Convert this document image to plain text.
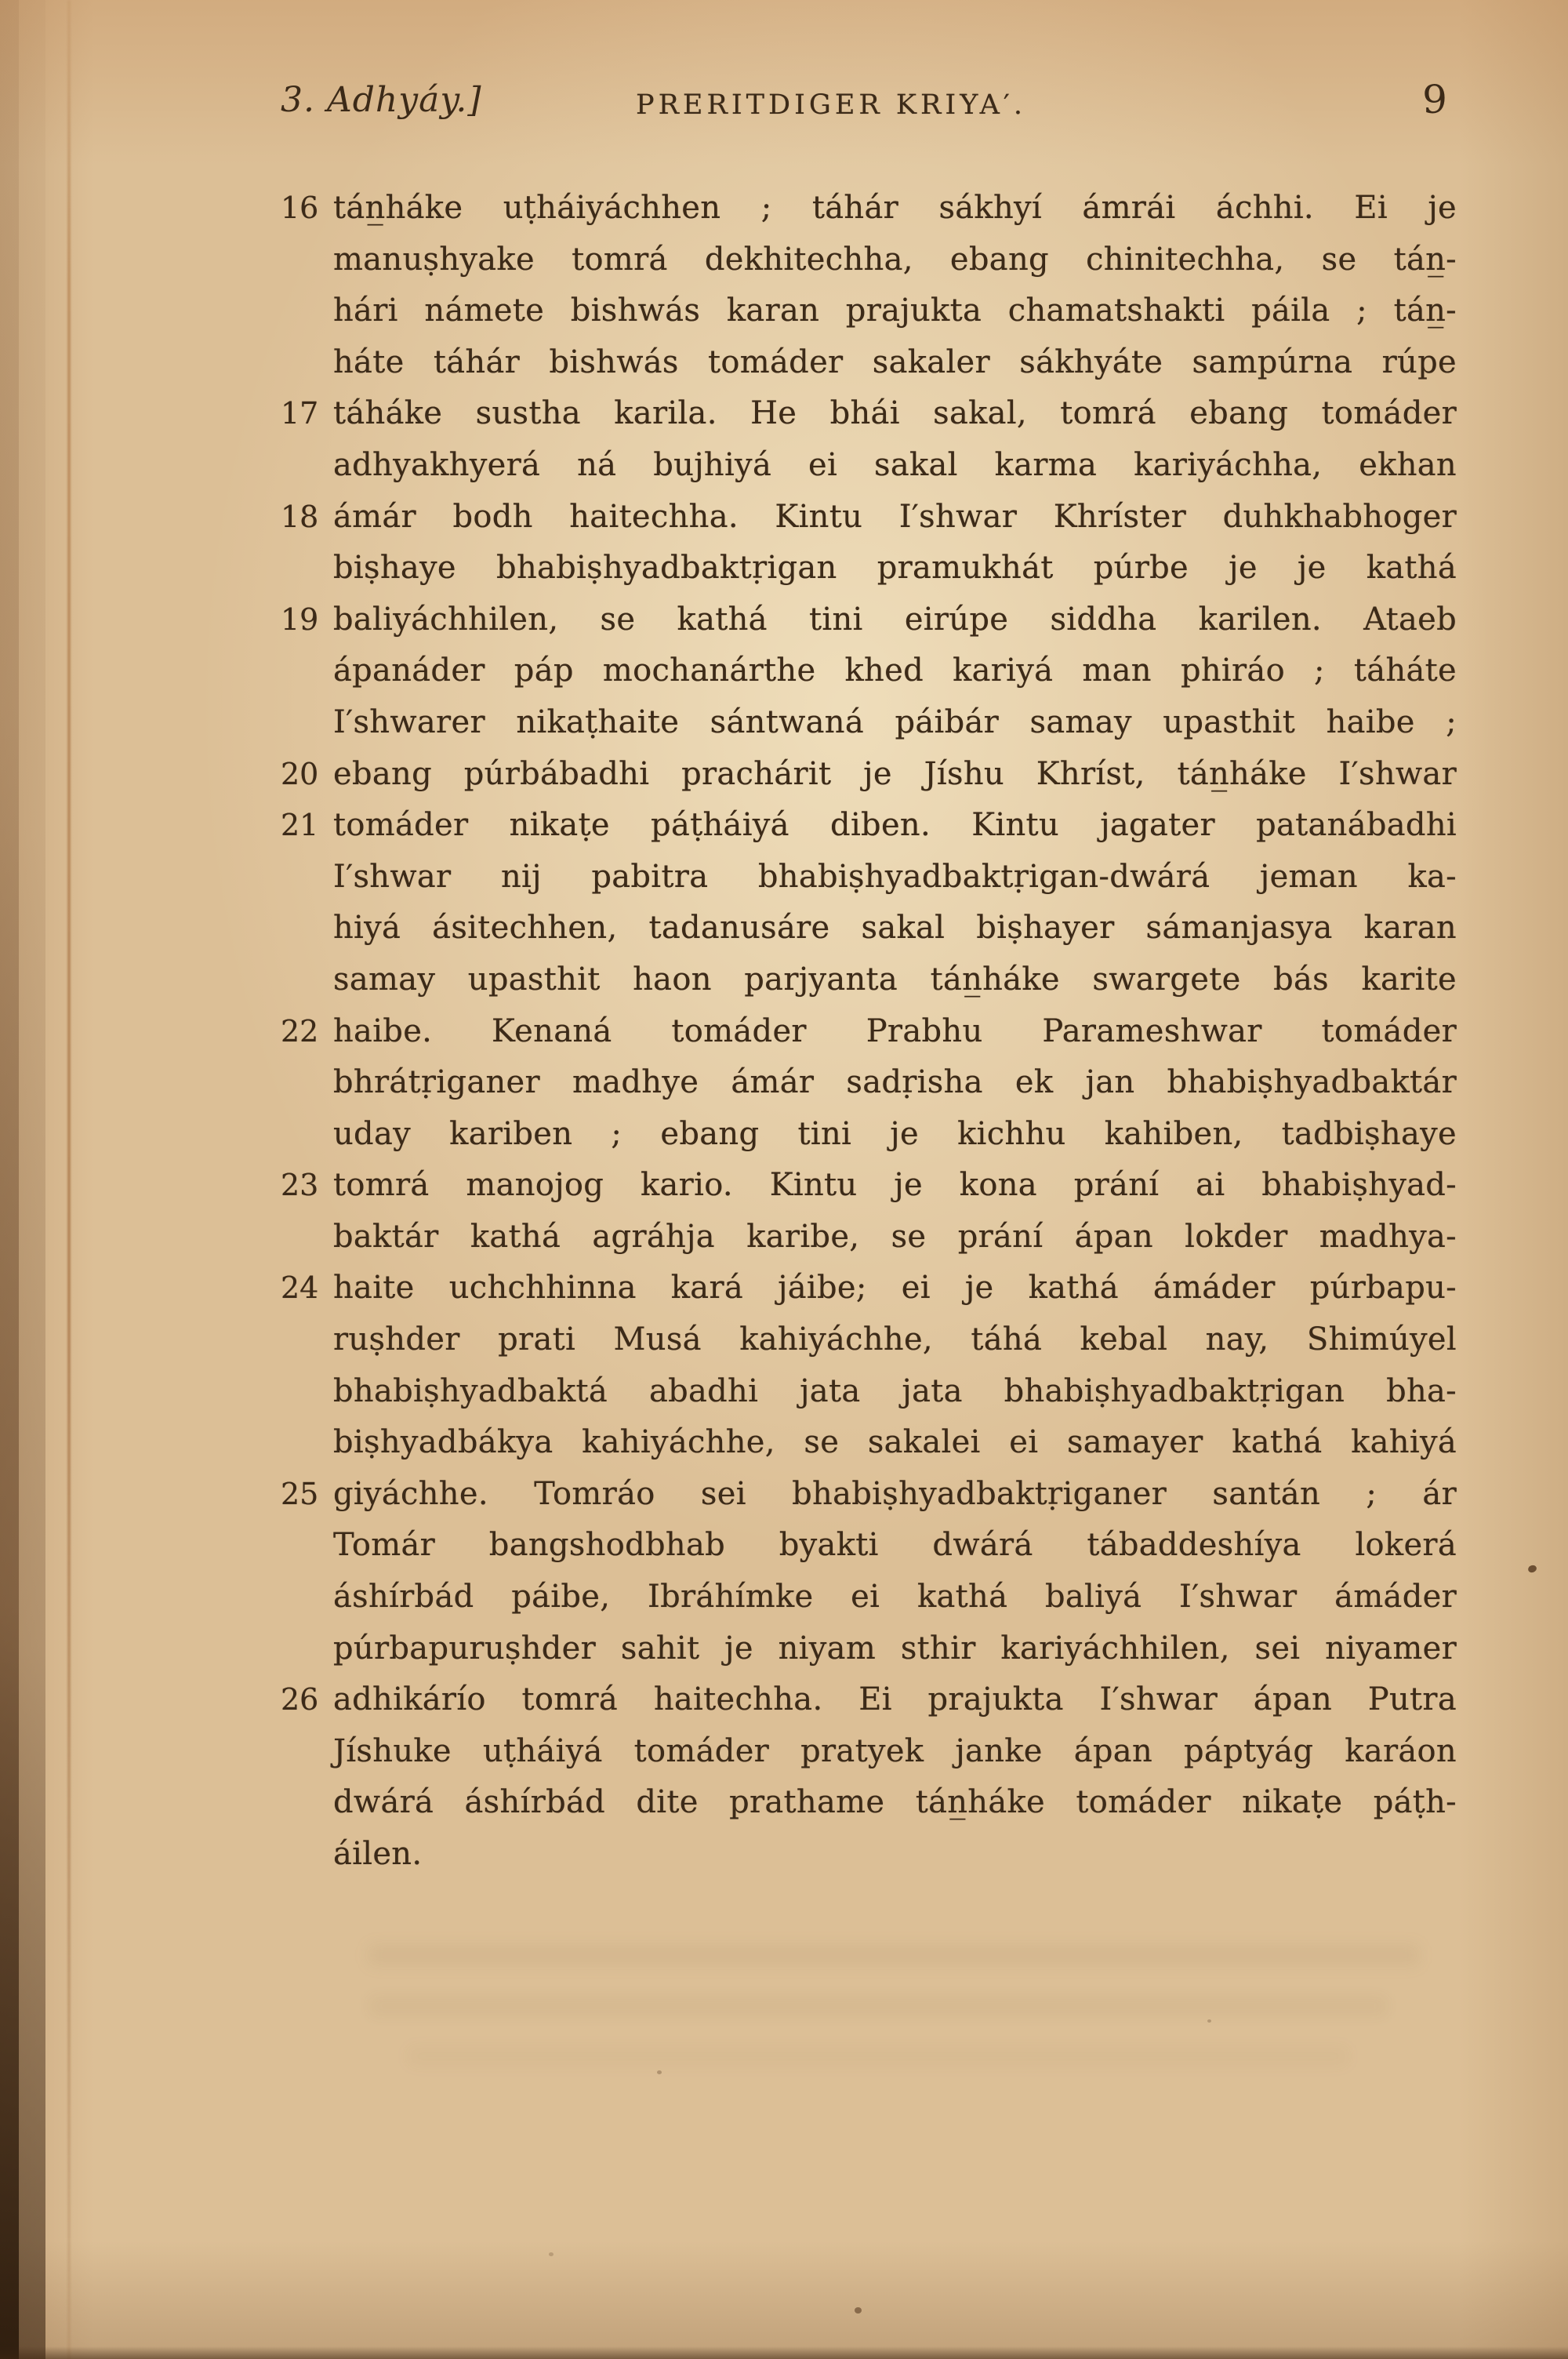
3. Adhyáy.]	PRERITDIGER KRIYA′.	9
16 tán̲háke uṭháiyáchhen ; táhár sákhyí ámrái áchhi. Ei je
manuṣhyake tomrá dekhitechha, ebang chinitechha, se tán̲-
hári námete bishwás karan prajukta chamatshakti páila ; tán̲-
háte táhár bishwás tomáder sakaler sákhyáte sampúrna rúpe
17 táháke sustha karila. He bhái sakal, tomrá ebang tomáder
adhyakhyerá ná bujhiyá ei sakal karma kariyáchha, ekhan
18 ámár bodh haitechha. Kintu I′shwar Khríster duhkhabhoger
biṣhaye bhabiṣhyadbaktṛigan pramukhát púrbe je je kathá
19 baliyáchhilen, se kathá tini eirúpe siddha karilen. Ataeb
ápanáder páp mochanárthe khed kariyá man phiráo ; táháte
I′shwarer nikaṭhaite sántwaná páibár samay upasthit haibe ;
20 ebang púrbábadhi prachárit je Jíshu Khríst, tán̲háke I′shwar
21 tomáder nikaṭe páṭháiyá diben. Kintu jagater patanábadhi
I′shwar nij pabitra bhabiṣhyadbaktṛigan-dwárá jeman ka-
hiyá ásitechhen, tadanusáre sakal biṣhayer sámanjasya karan
samay upasthit haon parjyanta tán̲háke swargete bás karite
22 haibe. Kenaná tomáder Prabhu Parameshwar tomáder
bhrátṛiganer madhye ámár sadṛisha ek jan bhabiṣhyadbaktár
uday kariben ; ebang tini je kichhu kahiben, tadbiṣhaye
23 tomrá manojog kario. Kintu je kona prání ai bhabiṣhyad-
baktár kathá agráhja karibe, se prání ápan lokder madhya-
24 haite uchchhinna kará jáibe; ei je kathá ámáder púrbapu-
ruṣhder prati Musá kahiyáchhe, táhá kebal nay, Shimúyel
bhabiṣhyadbaktá abadhi jata jata bhabiṣhyadbaktṛigan bha-
biṣhyadbákya kahiyáchhe, se sakalei ei samayer kathá kahiyá
25 giyáchhe. Tomráo sei bhabiṣhyadbaktṛiganer santán ; ár
Tomár bangshodbhab byakti dwárá tábaddeshíya lokerá
áshírbád páibe, Ibráhímke ei kathá baliyá I′shwar ámáder
púrbapuruṣhder sahit je niyam sthir kariyáchhilen, sei niyamer
26 adhikárío tomrá haitechha. Ei prajukta I′shwar ápan Putra
Jíshuke uṭháiyá tomáder pratyek janke ápan páptyág karáon
dwárá áshírbád dite prathame tán̲háke tomáder nikaṭe páṭh-
áilen.
